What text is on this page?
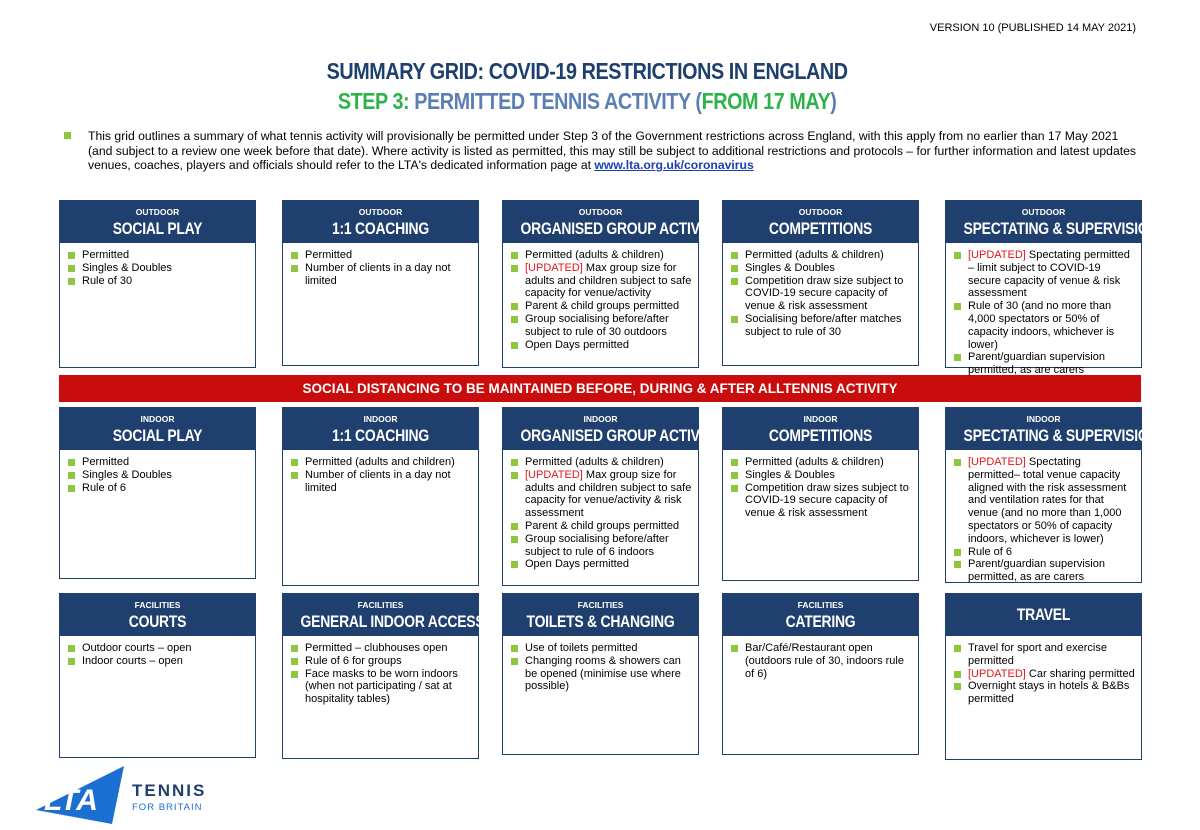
VERSION 10 (PUBLISHED 14 MAY 2021)
SUMMARY GRID: COVID-19 RESTRICTIONS IN ENGLAND
STEP 3: PERMITTED TENNIS ACTIVITY (FROM 17 MAY)
This grid outlines a summary of what tennis activity will provisionally be permitted under Step 3 of the Government restrictions across England, with this apply from no earlier than 17 May 2021 (and subject to a review one week before that date). Where activity is listed as permitted, this may still be subject to additional restrictions and protocols – for further information and latest updates venues, coaches, players and officials should refer to the LTA's dedicated information page at www.lta.org.uk/coronavirus
SOCIAL DISTANCING TO BE MAINTAINED BEFORE, DURING & AFTER ALLTENNIS ACTIVITY
OUTDOOR
SOCIAL PLAY
Permitted
Singles & Doubles
Rule of 30
OUTDOOR
1:1 COACHING
Permitted
Number of clients in a day not limited
OUTDOOR
ORGANISED GROUP ACTIVITY
Permitted (adults & children)
[UPDATED] Max group size for adults and children subject to safe capacity for venue/activity
Parent & child groups permitted
Group socialising before/after subject to rule of 30 outdoors
Open Days permitted
OUTDOOR
COMPETITIONS
Permitted (adults & children)
Singles & Doubles
Competition draw size subject to COVID-19 secure capacity of venue & risk assessment
Socialising before/after matches subject to rule of 30
OUTDOOR
SPECTATING & SUPERVISION
[UPDATED] Spectating permitted – limit subject to COVID-19 secure capacity of venue & risk assessment
Rule of 30 (and no more than 4,000 spectators or 50% of capacity indoors, whichever is lower)
Parent/guardian supervision permitted, as are carers
INDOOR
SOCIAL PLAY
Permitted
Singles & Doubles
Rule of 6
INDOOR
1:1 COACHING
Permitted (adults and children)
Number of clients in a day not limited
INDOOR
ORGANISED GROUP ACTIVITY
Permitted (adults & children)
[UPDATED] Max group size for adults and children subject to safe capacity for venue/activity & risk assessment
Parent & child groups permitted
Group socialising before/after subject to rule of 6 indoors
Open Days permitted
INDOOR
COMPETITIONS
Permitted (adults & children)
Singles & Doubles
Competition draw sizes subject to COVID-19 secure capacity of venue & risk assessment
INDOOR
SPECTATING & SUPERVISION
[UPDATED] Spectating permitted– total venue capacity aligned with the risk assessment and ventilation rates for that venue (and no more than 1,000 spectators or 50% of capacity indoors, whichever is lower)
Rule of 6
Parent/guardian supervision permitted, as are carers
FACILITIES
COURTS
Outdoor courts – open
Indoor courts – open
FACILITIES
GENERAL INDOOR ACCESS
Permitted – clubhouses open
Rule of 6 for groups
Face masks to be worn indoors (when not participating / sat at hospitality tables)
FACILITIES
TOILETS & CHANGING
Use of toilets permitted
Changing rooms & showers can be opened (minimise use where possible)
FACILITIES
CATERING
Bar/Café/Restaurant open (outdoors rule of 30, indoors rule of 6)
TRAVEL
Travel for sport and exercise permitted
[UPDATED] Car sharing permitted
Overnight stays in hotels & B&Bs permitted
LTA TENNIS
FOR BRITAIN
